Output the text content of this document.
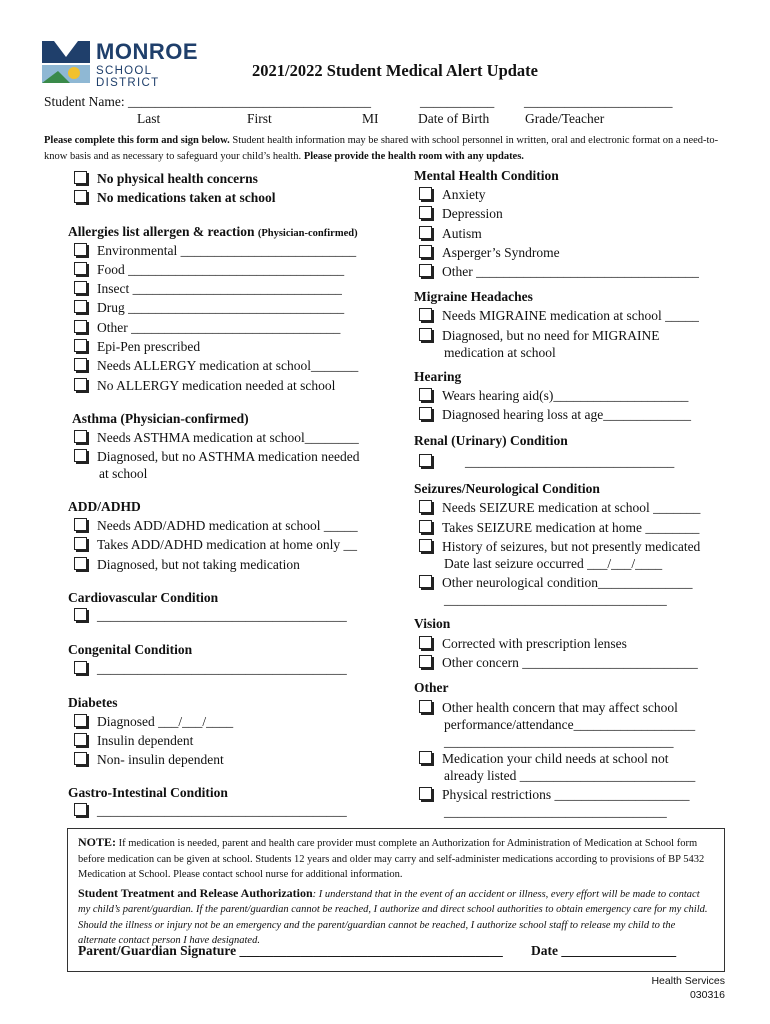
MONROE
SCHOOL DISTRICT
2021/2022 Student Medical Alert Update
Student Name: ____________________________________	___________ ______________________
Last	First	MI	Date of Birth	Grade/Teacher
Please complete this form and sign below. Student health information may be shared with school personnel in written, oral and electronic format on a need-to-know basis and as necessary to safeguard your child’s health. Please provide the health room with any updates.
No physical health concerns
No medications taken at school
Allergies list allergen & reaction (Physician-confirmed)
Environmental __________________________
Food ________________________________
Insect _______________________________
Drug ________________________________
Other _______________________________
Epi-Pen prescribed
Needs ALLERGY medication at school_______
No ALLERGY medication needed at school
Asthma (Physician-confirmed)
Needs ASTHMA medication at school________
Diagnosed, but no ASTHMA medication needed
at school
ADD/ADHD
Needs ADD/ADHD medication at school _____
Takes ADD/ADHD medication at home only __
Diagnosed, but not taking medication
Cardiovascular Condition
_____________________________________
Congenital Condition
_____________________________________
Diabetes
Diagnosed ___/___/____
Insulin dependent
Non- insulin dependent
Gastro-Intestinal Condition
_____________________________________
Mental Health Condition
Anxiety
Depression
Autism
Asperger’s Syndrome
Other _________________________________
Migraine Headaches
Needs MIGRAINE medication at school _____
Diagnosed, but no need for MIGRAINE
medication at school
Hearing
Wears hearing aid(s)____________________
Diagnosed hearing loss at age_____________
Renal (Urinary) Condition
_______________________________
Seizures/Neurological Condition
Needs SEIZURE medication at school _______
Takes SEIZURE medication at home ________
History of seizures, but not presently medicated
Date last seizure occurred ___/___/____
Other neurological condition______________
_________________________________
Vision
Corrected with prescription lenses
Other concern __________________________
Other
Other health concern that may affect school
performance/attendance__________________
__________________________________
Medication your child needs at school not
already listed __________________________
Physical restrictions ____________________
_________________________________

NOTE: If medication is needed, parent and health care provider must complete an Authorization for Administration of Medication at School form before medication can be given at school. Students 12 years and older may carry and self-administer medications according to provisions of BP 5432 Medication at School. Please contact school nurse for additional information.

Student Treatment and Release Authorization: I understand that in the event of an accident or illness, every effort will be made to contact my child’s parent/guardian. If the parent/guardian cannot be reached, I authorize and direct school authorities to obtain emergency care for my child. Should the illness or injury not be an emergency and the parent/guardian cannot be reached, I authorize school staff to release my child to the alternate contact person I have designated.

Parent/Guardian Signature _______________________________________ Date _________________
Health Services
030316
